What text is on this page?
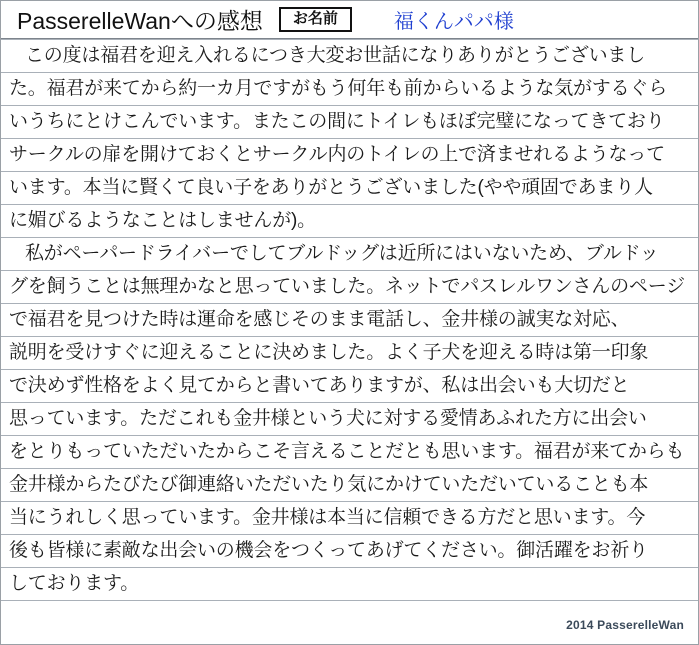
PasserelleWanへの感想	お名前	福くんパパ様
この度は福君を迎え入れるにつき大変お世話になりありがとうございまし
た。福君が来てから約一カ月ですがもう何年も前からいるような気がするぐら
いうちにとけこんでいます。またこの間にトイレもほぼ完璧になってきており
サークルの扉を開けておくとサークル内のトイレの上で済ませれるようなって
います。本当に賢くて良い子をありがとうございました(やや頑固であまり人
に媚びるようなことはしませんが)。
私がペーパードライバーでしてブルドッグは近所にはいないため、ブルドッ
グを飼うことは無理かなと思っていました。ネットでパスレルワンさんのページ
で福君を見つけた時は運命を感じそのまま電話し、金井様の誠実な対応、
説明を受けすぐに迎えることに決めました。よく子犬を迎える時は第一印象
で決めず性格をよく見てからと書いてありますが、私は出会いも大切だと
思っています。ただこれも金井様という犬に対する愛情あふれた方に出会い
をとりもっていただいたからこそ言えることだとも思います。福君が来てからも
金井様からたびたび御連絡いただいたり気にかけていただいていることも本
当にうれしく思っています。金井様は本当に信頼できる方だと思います。今
後も皆様に素敵な出会いの機会をつくってあげてください。御活躍をお祈り
しております。
2014 PasserelleWan
